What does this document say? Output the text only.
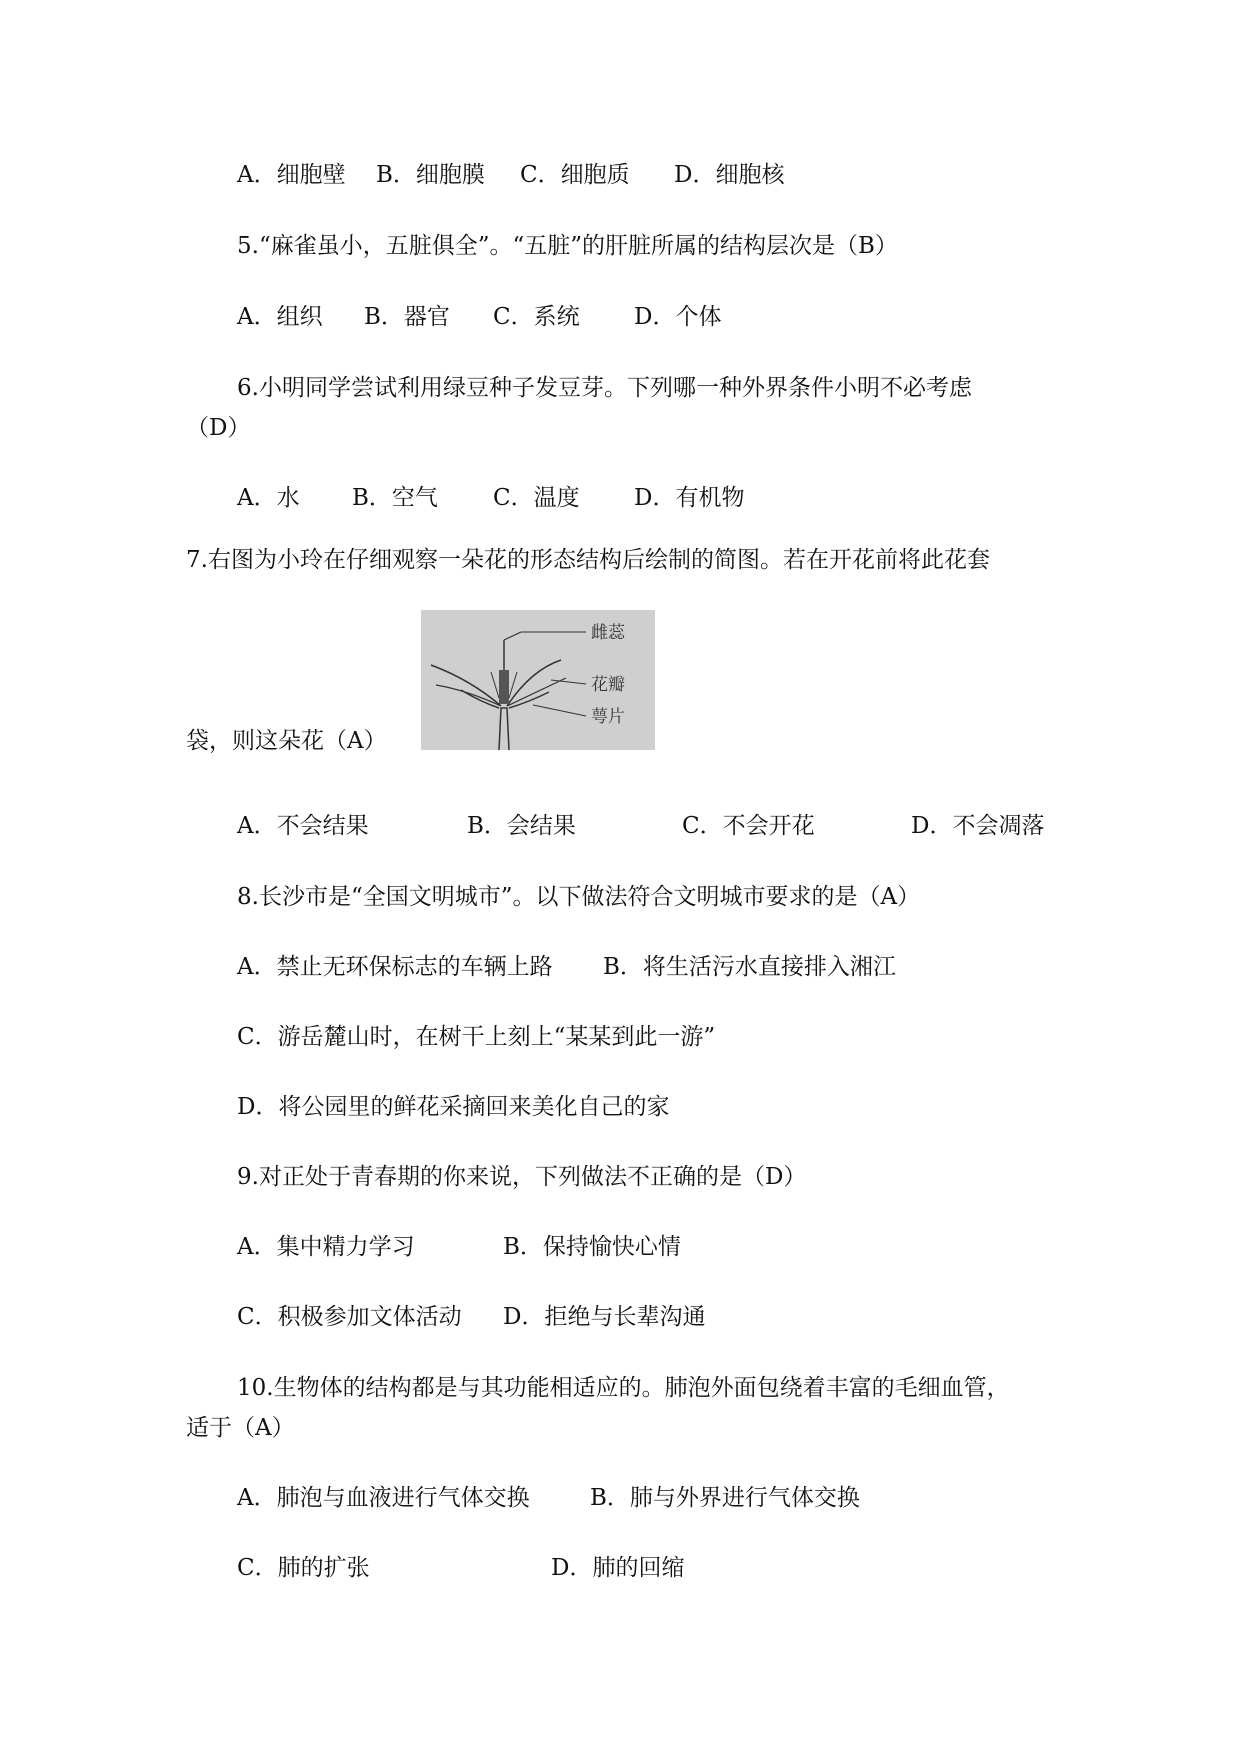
A．细胞壁 B．细胞膜 C．细胞质 D．细胞核
5.“麻雀虽小，五脏俱全”。“五脏”的肝脏所属的结构层次是（B）
A．组织 B．器官 C．系统 D．个体
6.小明同学尝试利用绿豆种子发豆芽。下列哪一种外界条件小明不必考虑
（D）
A．水 B．空气 C．温度 D．有机物
7.右图为小玲在仔细观察一朵花的形态结构后绘制的简图。若在开花前将此花套
雌蕊
花瓣
萼片
袋，则这朵花（A）
A．不会结果	B．会结果	C．不会开花	D．不会凋落
8.长沙市是“全国文明城市”。以下做法符合文明城市要求的是（A）
A．禁止无环保标志的车辆上路 B．将生活污水直接排入湘江
C．游岳麓山时，在树干上刻上“某某到此一游”
D．将公园里的鲜花采摘回来美化自己的家
9.对正处于青春期的你来说，下列做法不正确的是（D）
A．集中精力学习	B．保持愉快心情
C．积极参加文体活动 D．拒绝与长辈沟通
10.生物体的结构都是与其功能相适应的。肺泡外面包绕着丰富的毛细血管，
适于（A）
A．肺泡与血液进行气体交换	B．肺与外界进行气体交换
C．肺的扩张	D．肺的回缩
